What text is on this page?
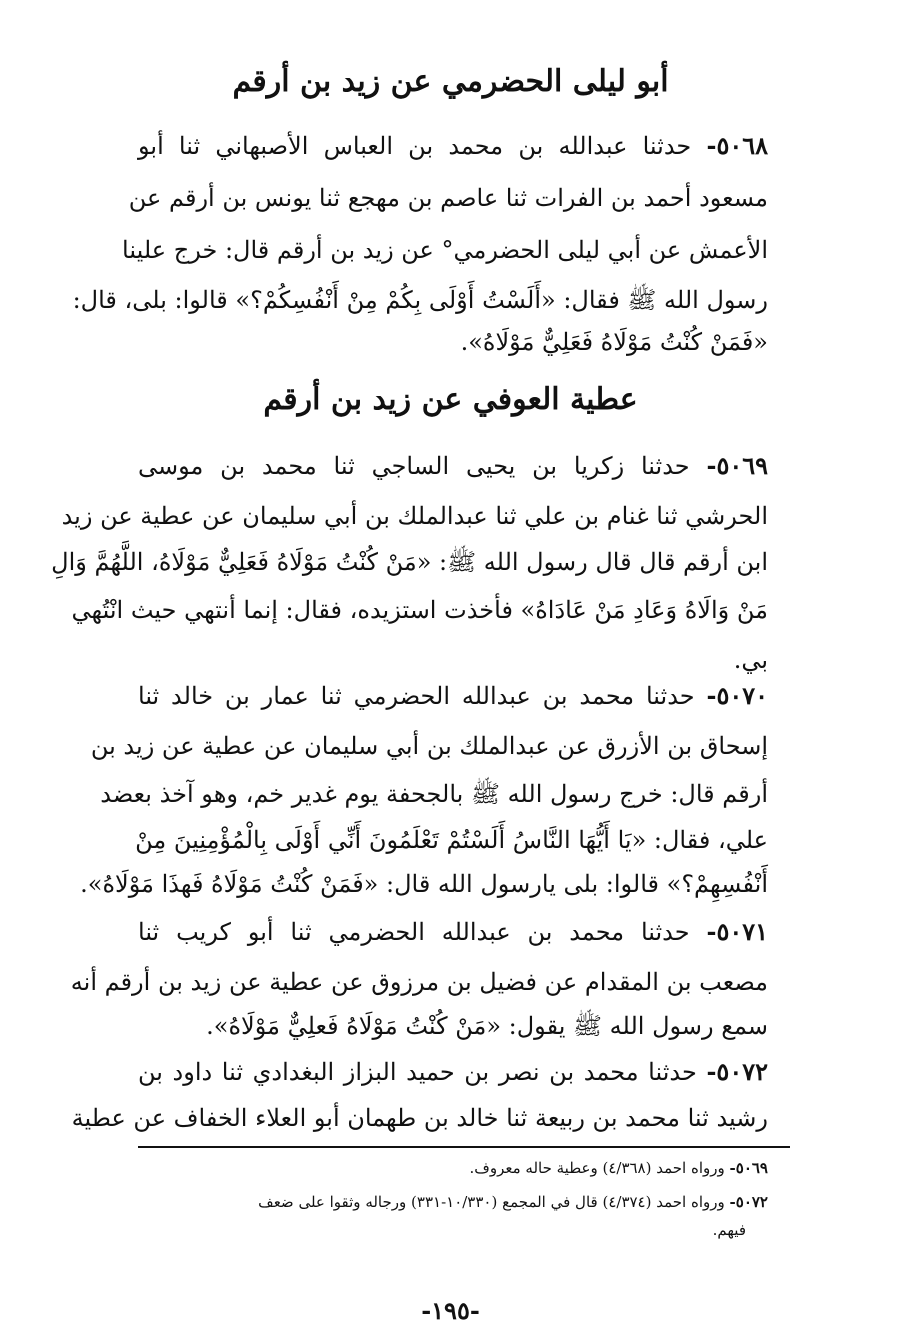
أبو ليلى الحضرمي عن زيد بن أرقم
٥٠٦٨- حدثنا عبدالله بن محمد بن العباس الأصبهاني ثنا أبو
مسعود أحمد بن الفرات ثنا عاصم بن مهجع ثنا يونس بن أرقم عن
الأعمش عن أبي ليلى الحضرمي° عن زيد بن أرقم قال: خرج علينا
رسول الله ﷺ فقال: «أَلَسْتُ أَوْلَى بِكُمْ مِنْ أَنْفُسِكُمْ؟» قالوا: بلى، قال:
«فَمَنْ كُنْتُ مَوْلَاهُ فَعَلِيٌّ مَوْلَاهُ».
عطية العوفي عن زيد بن أرقم
٥٠٦٩- حدثنا زكريا بن يحيى الساجي ثنا محمد بن موسى
الحرشي ثنا غنام بن علي ثنا عبدالملك بن أبي سليمان عن عطية عن زيد
ابن أرقم قال قال رسول الله ﷺ: «مَنْ كُنْتُ مَوْلَاهُ فَعَلِيٌّ مَوْلَاهُ، اللَّهُمَّ وَالِ
مَنْ وَالَاهُ وَعَادِ مَنْ عَادَاهُ» فأخذت استزيده، فقال: إنما أنتهي حيث انْتُهي
بي.
٥٠٧٠- حدثنا محمد بن عبدالله الحضرمي ثنا عمار بن خالد ثنا
إسحاق بن الأزرق عن عبدالملك بن أبي سليمان عن عطية عن زيد بن
أرقم قال: خرج رسول الله ﷺ بالجحفة يوم غدير خم، وهو آخذ بعضد
علي، فقال: «يَا أَيُّهَا النَّاسُ أَلَسْتُمْ تَعْلَمُونَ أَنِّي أَوْلَى بِالْمُؤْمِنِينَ مِنْ
أَنْفُسِهِمْ؟» قالوا: بلى يارسول الله قال: «فَمَنْ كُنْتُ مَوْلَاهُ فَهذَا مَوْلَاهُ».
٥٠٧١- حدثنا محمد بن عبدالله الحضرمي ثنا أبو كريب ثنا
مصعب بن المقدام عن فضيل بن مرزوق عن عطية عن زيد بن أرقم أنه
سمع رسول الله ﷺ يقول: «مَنْ كُنْتُ مَوْلَاهُ فَعلِيٌّ مَوْلَاهُ».
٥٠٧٢- حدثنا محمد بن نصر بن حميد البزاز البغدادي ثنا داود بن
رشيد ثنا محمد بن ربيعة ثنا خالد بن طهمان أبو العلاء الخفاف عن عطية
٥٠٦٩- ورواه احمد (٤/٣٦٨) وعطية حاله معروف.
٥٠٧٢- ورواه احمد (٤/٣٧٤) قال في المجمع (١٠/٣٣٠-٣٣١) ورجاله وثقوا على ضعف
فيهم.
-١٩٥-
